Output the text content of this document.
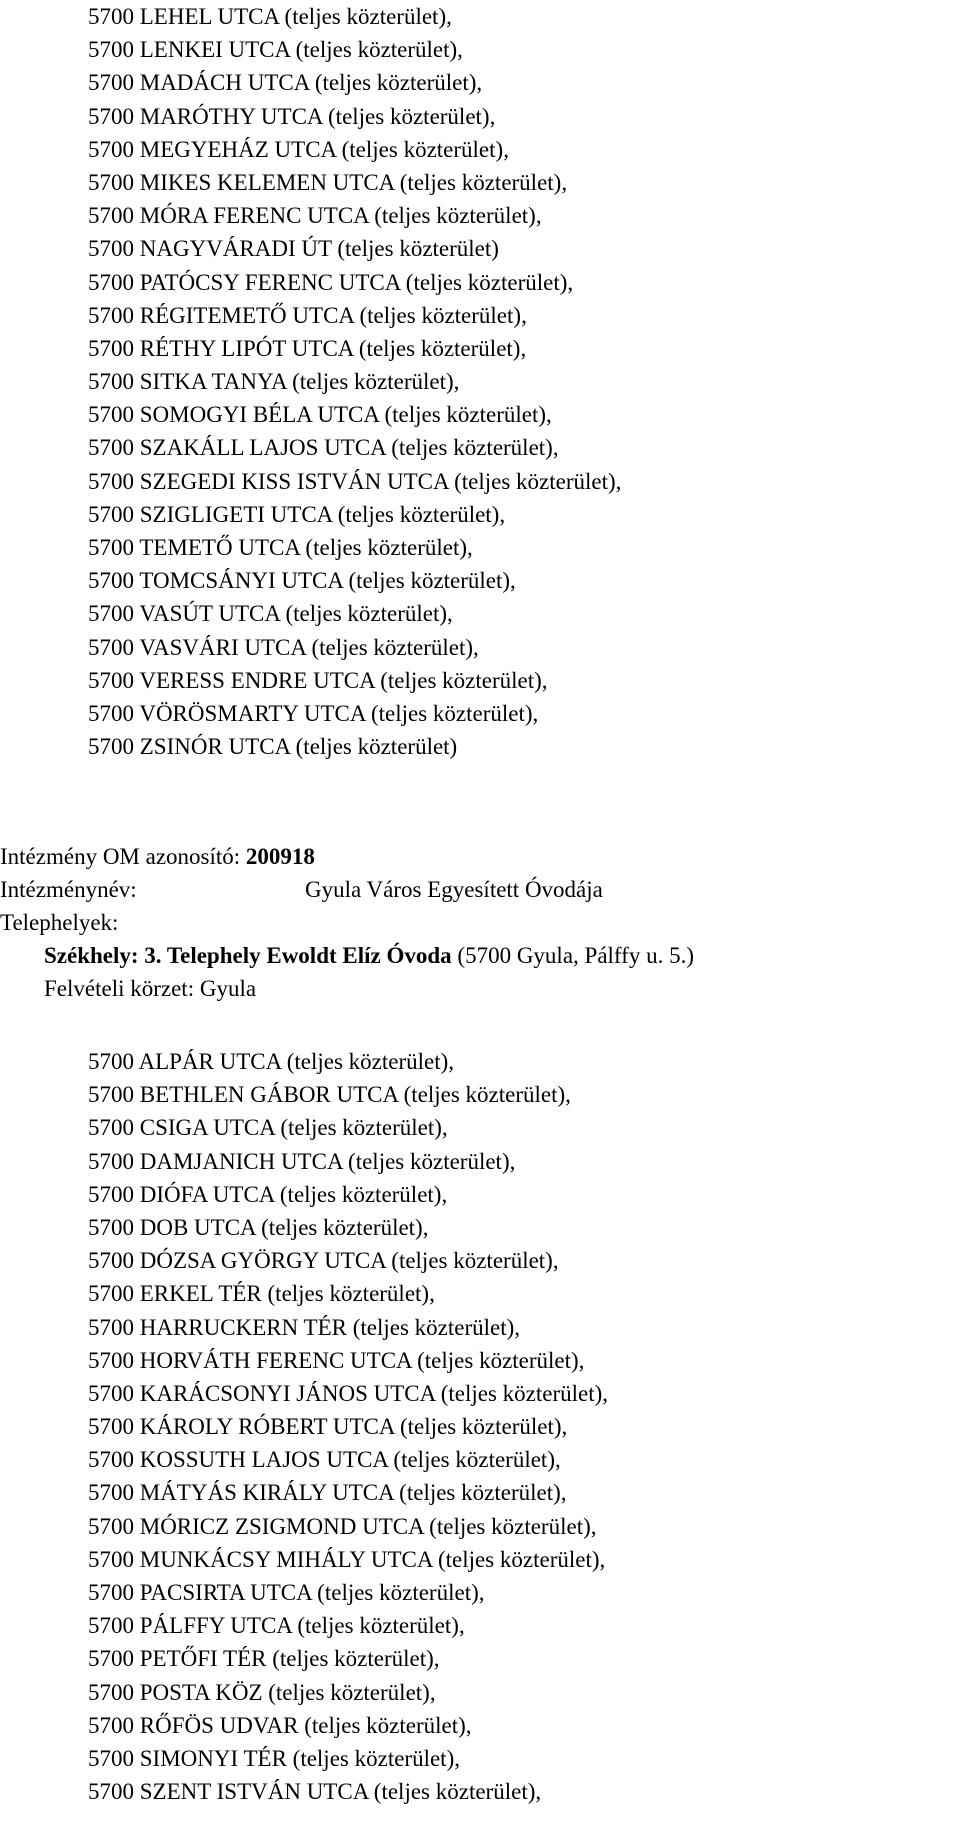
5700 LEHEL UTCA (teljes közterület),
5700 LENKEI UTCA (teljes közterület),
5700 MADÁCH UTCA (teljes közterület),
5700 MARÓTHY UTCA (teljes közterület),
5700 MEGYEHÁZ UTCA (teljes közterület),
5700 MIKES KELEMEN UTCA (teljes közterület),
5700 MÓRA FERENC UTCA (teljes közterület),
5700 NAGYVÁRADI ÚT (teljes közterület)
5700 PATÓCSY FERENC UTCA (teljes közterület),
5700 RÉGITEMETŐ UTCA (teljes közterület),
5700 RÉTHY LIPÓT UTCA (teljes közterület),
5700 SITKA TANYA (teljes közterület),
5700 SOMOGYI BÉLA UTCA (teljes közterület),
5700 SZAKÁLL LAJOS UTCA (teljes közterület),
5700 SZEGEDI KISS ISTVÁN UTCA (teljes közterület),
5700 SZIGLIGETI UTCA (teljes közterület),
5700 TEMETŐ UTCA (teljes közterület),
5700 TOMCSÁNYI UTCA (teljes közterület),
5700 VASÚT UTCA (teljes közterület),
5700 VASVÁRI UTCA (teljes közterület),
5700 VERESS ENDRE UTCA (teljes közterület),
5700 VÖRÖSMARTY UTCA (teljes közterület),
5700 ZSINÓR UTCA (teljes közterület)
Intézmény OM azonosító: 200918
Intézménynév:	Gyula Város Egyesített Óvodája
Telephelyek:
Székhely: 3. Telephely Ewoldt Elíz Óvoda (5700 Gyula, Pálffy u. 5.)
Felvételi körzet: Gyula
5700 ALPÁR UTCA (teljes közterület),
5700 BETHLEN GÁBOR UTCA (teljes közterület),
5700 CSIGA UTCA (teljes közterület),
5700 DAMJANICH UTCA (teljes közterület),
5700 DIÓFA UTCA (teljes közterület),
5700 DOB UTCA (teljes közterület),
5700 DÓZSA GYÖRGY UTCA (teljes közterület),
5700 ERKEL TÉR (teljes közterület),
5700 HARRUCKERN TÉR (teljes közterület),
5700 HORVÁTH FERENC UTCA (teljes közterület),
5700 KARÁCSONYI JÁNOS UTCA (teljes közterület),
5700 KÁROLY RÓBERT UTCA (teljes közterület),
5700 KOSSUTH LAJOS UTCA (teljes közterület),
5700 MÁTYÁS KIRÁLY UTCA (teljes közterület),
5700 MÓRICZ ZSIGMOND UTCA (teljes közterület),
5700 MUNKÁCSY MIHÁLY UTCA (teljes közterület),
5700 PACSIRTA UTCA (teljes közterület),
5700 PÁLFFY UTCA (teljes közterület),
5700 PETŐFI TÉR (teljes közterület),
5700 POSTA KÖZ (teljes közterület),
5700 RŐFÖS UDVAR (teljes közterület),
5700 SIMONYI TÉR (teljes közterület),
5700 SZENT ISTVÁN UTCA (teljes közterület),
